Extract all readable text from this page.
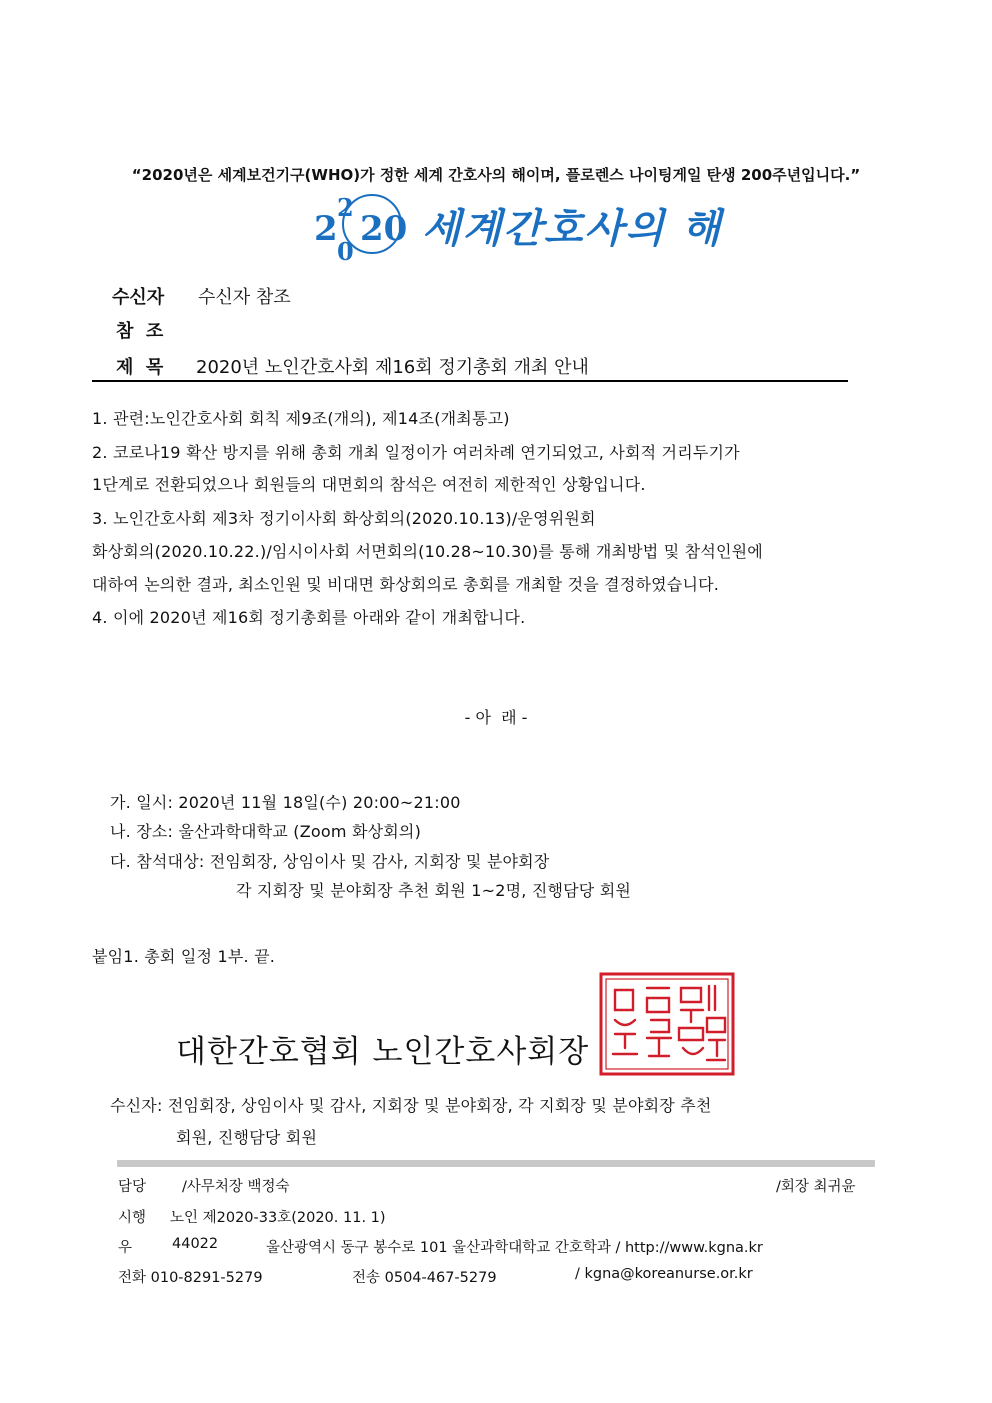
“2020년은 세계보건기구(WHO)가 정한 세계 간호사의 해이며, 플로렌스 나이팅게일 탄생 200주년입니다.”
2
2
0
20 세계간호사의 해
수신자 수신자 참조
참  조
제  목 2020년 노인간호사회 제16회 정기총회 개최 안내
1. 관련:노인간호사회 회칙 제9조(개의), 제14조(개최통고)
2. 코로나19 확산 방지를 위해 총회 개최 일정이가 여러차례 연기되었고, 사회적 거리두기가
1단계로 전환되었으나 회원들의 대면회의 참석은 여전히 제한적인 상황입니다.
3. 노인간호사회 제3차 정기이사회 화상회의(2020.10.13)/운영위원회
화상회의(2020.10.22.)/임시이사회 서면회의(10.28~10.30)를 통해 개최방법 및 참석인원에
대하여 논의한 결과, 최소인원 및 비대면 화상회의로 총회를 개최할 것을 결정하였습니다.
4. 이에 2020년 제16회 정기총회를 아래와 같이 개최합니다.
- 아  래 -
가. 일시: 2020년 11월 18일(수) 20:00~21:00
나. 장소: 울산과학대학교 (Zoom 화상회의)
다. 참석대상: 전임회장, 상임이사 및 감사, 지회장 및 분야회장
각 지회장 및 분야회장 추천 회원 1~2명, 진행담당 회원
붙임1. 총회 일정 1부. 끝.
대한간호협회 노인간호사회장
수신자: 전임회장, 상임이사 및 감사, 지회장 및 분야회장, 각 지회장 및 분야회장 추천
회원, 진행담당 회원
담당 /사무처장 백정숙	/회장 최귀윤
시행 노인 제2020-33호(2020. 11. 1)
우	44022	울산광역시 동구 봉수로 101 울산과학대학교 간호학과 / http://www.kgna.kr
전화 010-8291-5279	전송 0504-467-5279	/ kgna@koreanurse.or.kr
